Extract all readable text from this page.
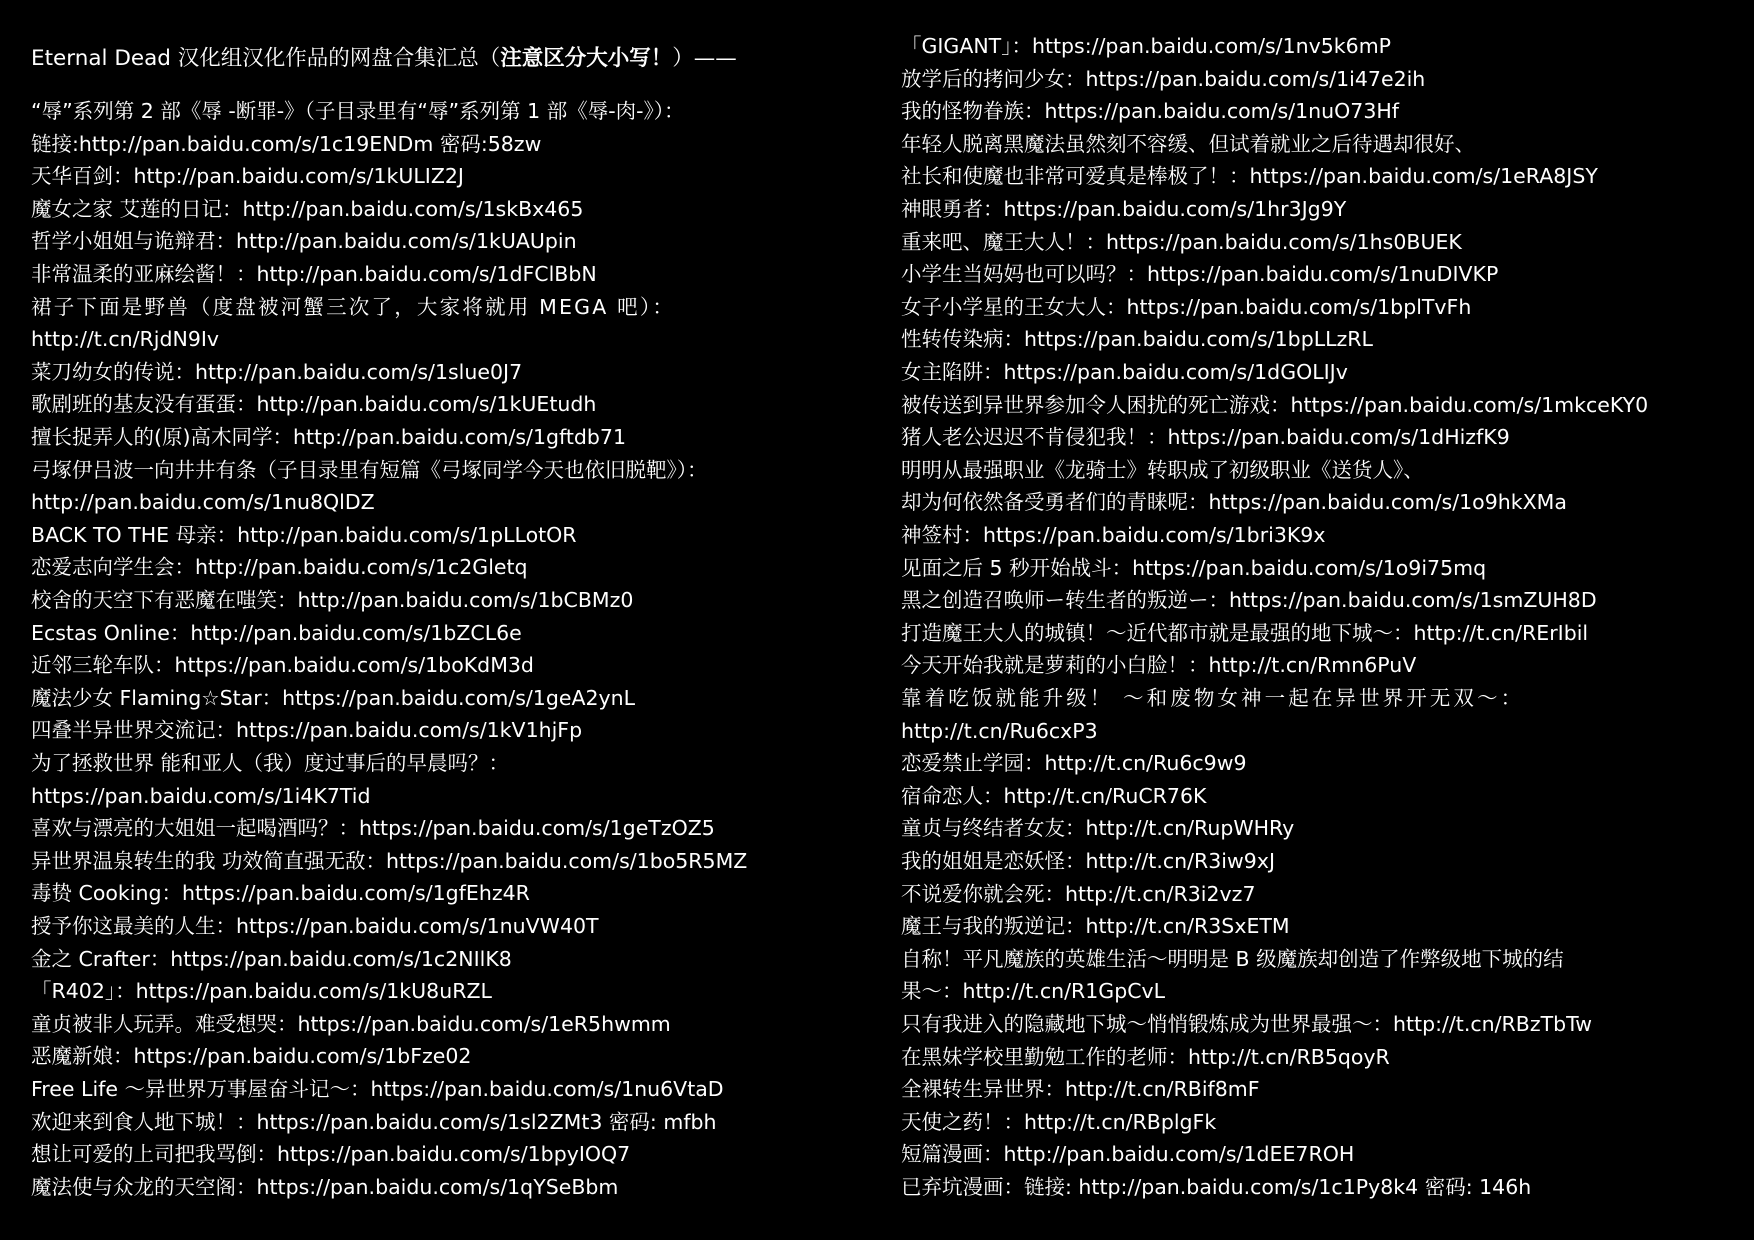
Eternal Dead 汉化组汉化作品的网盘合集汇总（注意区分大小写！）——
“辱”系列第 2 部《辱 -断罪-》（子目录里有“辱”系列第 1 部《辱-肉-》）：
链接:http://pan.baidu.com/s/1c19ENDm 密码:58zw
天华百剑：http://pan.baidu.com/s/1kULIZ2J
魔女之家 艾莲的日记：http://pan.baidu.com/s/1skBx465
哲学小姐姐与诡辩君：http://pan.baidu.com/s/1kUAUpin
非常温柔的亚麻绘酱！：http://pan.baidu.com/s/1dFClBbN
裙子下面是野兽（度盘被河蟹三次了，大家将就用 MEGA 吧）：
http://t.cn/RjdN9Iv
菜刀幼女的传说：http://pan.baidu.com/s/1slue0J7
歌剧班的基友没有蛋蛋：http://pan.baidu.com/s/1kUEtudh
擅长捉弄人的(原)高木同学：http://pan.baidu.com/s/1gftdb71
弓塚伊吕波一向井井有条（子目录里有短篇《弓塚同学今天也依旧脱靶》）：
http://pan.baidu.com/s/1nu8QlDZ
BACK TO THE 母亲：http://pan.baidu.com/s/1pLLotOR
恋爱志向学生会：http://pan.baidu.com/s/1c2Gletq
校舍的天空下有恶魔在嗤笑：http://pan.baidu.com/s/1bCBMz0
Ecstas Online：http://pan.baidu.com/s/1bZCL6e
近邻三轮车队：https://pan.baidu.com/s/1boKdM3d
魔法少女 Flaming☆Star：https://pan.baidu.com/s/1geA2ynL
四叠半异世界交流记：https://pan.baidu.com/s/1kV1hjFp
为了拯救世界 能和亚人（我）度过事后的早晨吗？：
https://pan.baidu.com/s/1i4K7Tid
喜欢与漂亮的大姐姐一起喝酒吗？：https://pan.baidu.com/s/1geTzOZ5
异世界温泉转生的我 功效简直强无敌：https://pan.baidu.com/s/1bo5R5MZ
毒贽 Cooking：https://pan.baidu.com/s/1gfEhz4R
授予你这最美的人生：https://pan.baidu.com/s/1nuVW40T
金之 Crafter：https://pan.baidu.com/s/1c2NIlK8
「R402」：https://pan.baidu.com/s/1kU8uRZL
童贞被非人玩弄。难受想哭：https://pan.baidu.com/s/1eR5hwmm
恶魔新娘：https://pan.baidu.com/s/1bFze02
Free Life ～异世界万事屋奋斗记～：https://pan.baidu.com/s/1nu6VtaD
欢迎来到食人地下城！：https://pan.baidu.com/s/1sl2ZMt3 密码: mfbh
想让可爱的上司把我骂倒：https://pan.baidu.com/s/1bpyIOQ7
魔法使与众龙的天空阁：https://pan.baidu.com/s/1qYSeBbm
「GIGANT」：https://pan.baidu.com/s/1nv5k6mP
放学后的拷问少女：https://pan.baidu.com/s/1i47e2ih
我的怪物眷族：https://pan.baidu.com/s/1nuO73Hf
年轻人脱离黑魔法虽然刻不容缓、但试着就业之后待遇却很好、
社长和使魔也非常可爱真是棒极了！：https://pan.baidu.com/s/1eRA8JSY
神眼勇者：https://pan.baidu.com/s/1hr3Jg9Y
重来吧、魔王大人！：https://pan.baidu.com/s/1hs0BUEK
小学生当妈妈也可以吗？：https://pan.baidu.com/s/1nuDIVKP
女子小学星的王女大人：https://pan.baidu.com/s/1bplTvFh
性转传染病：https://pan.baidu.com/s/1bpLLzRL
女主陷阱：https://pan.baidu.com/s/1dGOLIJv
被传送到异世界参加令人困扰的死亡游戏：https://pan.baidu.com/s/1mkceKY0
猪人老公迟迟不肯侵犯我！：https://pan.baidu.com/s/1dHizfK9
明明从最强职业《龙骑士》转职成了初级职业《送货人》、
却为何依然备受勇者们的青睐呢：https://pan.baidu.com/s/1o9hkXMa
神签村：https://pan.baidu.com/s/1bri3K9x
见面之后 5 秒开始战斗：https://pan.baidu.com/s/1o9i75mq
黑之创造召唤师ー转生者的叛逆ー：https://pan.baidu.com/s/1smZUH8D
打造魔王大人的城镇！～近代都市就是最强的地下城～：http://t.cn/RErIbil
今天开始我就是萝莉的小白脸！：http://t.cn/Rmn6PuV
靠着吃饭就能升级！ ～和废物女神一起在异世界开无双～：
http://t.cn/Ru6cxP3
恋爱禁止学园：http://t.cn/Ru6c9w9
宿命恋人：http://t.cn/RuCR76K
童贞与终结者女友：http://t.cn/RupWHRy
我的姐姐是恋妖怪：http://t.cn/R3iw9xJ
不说爱你就会死：http://t.cn/R3i2vz7
魔王与我的叛逆记：http://t.cn/R3SxETM
自称！平凡魔族的英雄生活～明明是 B 级魔族却创造了作弊级地下城的结
果～：http://t.cn/R1GpCvL
只有我进入的隐藏地下城～悄悄锻炼成为世界最强～：http://t.cn/RBzTbTw
在黑妹学校里勤勉工作的老师：http://t.cn/RB5qoyR
全裸转生异世界：http://t.cn/RBif8mF
天使之药！：http://t.cn/RBplgFk
短篇漫画：http://pan.baidu.com/s/1dEE7ROH
已弃坑漫画：链接: http://pan.baidu.com/s/1c1Py8k4 密码: 146h
